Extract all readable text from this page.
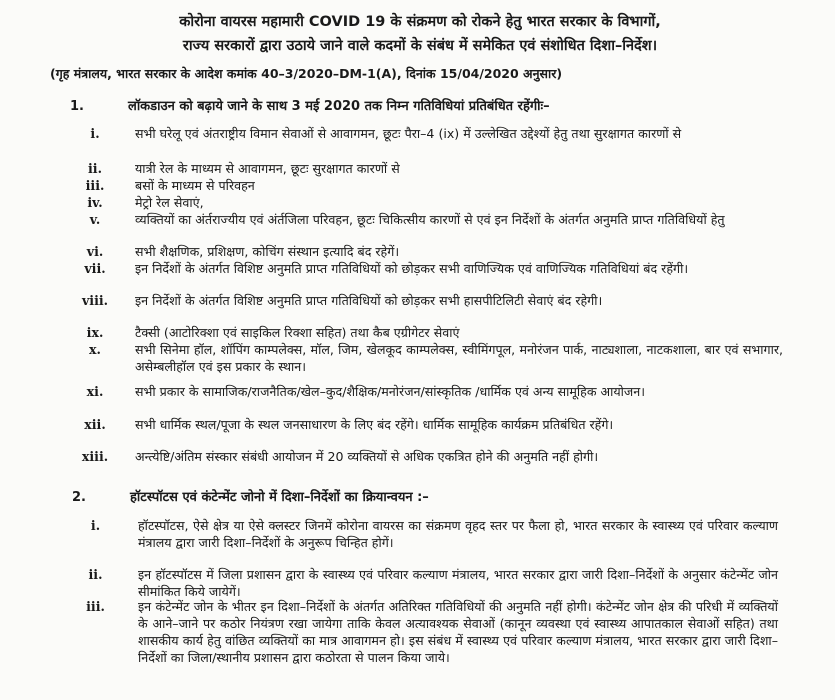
कोरोना वायरस महामारी COVID 19 के संक्रमण को रोकने हेतु भारत सरकार के विभागों,
राज्य सरकारों द्वारा उठाये जाने वाले कदमों के संबंध में समेकित एवं संशोधित दिशा–निर्देश।
(गृह मंत्रालय, भारत सरकार के आदेश कमांक 40–3/2020–DM-1(A), दिनांक 15/04/2020 अनुसार)
1.	लॉकडाउन को बढ़ाये जाने के साथ 3 मई 2020 तक निम्न गतिविधियां प्रतिबंधित रहेंगीः–
i.	सभी घरेलू एवं अंतराष्ट्रीय विमान सेवाओं से आवागमन, छूटः पैरा–4 (ix) में उल्लेखित उद्देश्यों हेतु तथा सुरक्षागत कारणों से
ii.	यात्री रेल के माध्यम से आवागमन, छूटः सुरक्षागत कारणों से
iii.	बसों के माध्यम से परिवहन
iv.	मेट्रो रेल सेवाएं,
v.	व्यक्तियों का अंर्तराज्यीय एवं अंर्तजिला परिवहन, छूटः चिकित्सीय कारणों से एवं इन निर्देशों के अंतर्गत अनुमति प्राप्त गतिविधियों हेतु
vi.	सभी शैक्षणिक, प्रशिक्षण, कोचिंग संस्थान इत्यादि बंद रहेगें।
vii.	इन निर्देशों के अंतर्गत विशिष्ट अनुमति प्राप्त गतिविधियों को छोड़कर सभी वाणिज्यिक एवं वाणिज्यिक गतिविधियां बंद रहेंगी।
viii.	इन निर्देशों के अंतर्गत विशिष्ट अनुमति प्राप्त गतिविधियों को छोड़कर सभी हासपीटिलिटी सेवाएं बंद रहेगी।
ix.	टैक्सी (आटोरिक्शा एवं साइकिल रिक्शा सहित) तथा कैब एग्रीगेटर सेवाएं
x.	सभी सिनेमा हॉल, शॉपिंग काम्पलेक्स, मॉल, जिम, खेलकूद काम्पलेक्स, स्वीमिंगपूल, मनोरंजन पार्क, नाट्यशाला, नाटकशाला, बार एवं सभागार, असेम्बलीहॉल एवं इस प्रकार के स्थान।
xi.	सभी प्रकार के सामाजिक/राजनैतिक/खेल–कुद/शैक्षिक/मनोरंजन/सांस्कृतिक /धार्मिक एवं अन्य सामूहिक आयोजन।
xii.	सभी धार्मिक स्थल/पूजा के स्थल जनसाधारण के लिए बंद रहेंगे। धार्मिक सामूहिक कार्यक्रम प्रतिबंधित रहेंगे।
xiii.	अन्त्येष्टि/अंतिम संस्कार संबंधी आयोजन में 20 व्यक्तियों से अधिक एकत्रित होने की अनुमति नहीं होगी।
2.	हॉटस्पॉटस एवं कंटेन्मेंट जोनो में दिशा–निर्देशों का क्रियान्वयन :–
i.	हॉटस्पॉटस, ऐसे क्षेत्र या ऐसे क्लस्टर जिनमें कोरोना वायरस का संक्रमण वृहद स्तर पर फैला हो, भारत सरकार के स्वास्थ्य एवं परिवार कल्याण मंत्रालय द्वारा जारी दिशा–निर्देशों के अनुरूप चिन्हित होगें।
ii.	इन हॉटस्पॉटस में जिला प्रशासन द्वारा के स्वास्थ्य एवं परिवार कल्याण मंत्रालय, भारत सरकार द्वारा जारी दिशा–निर्देशों के अनुसार कंटेन्मेंट जोन सीमांकित किये जायेगें।
iii.	इन कंटेन्मेंट जोन के भीतर इन दिशा–निर्देशों के अंतर्गत अतिरिक्त गतिविधियों की अनुमति नहीं होगी। कंटेन्मेंट जोन क्षेत्र की परिधी में व्यक्तियों के आने–जाने पर कठोर नियंत्रण रखा जायेगा ताकि केवल अत्यावश्यक सेवाओं (कानून व्यवस्था एवं स्वास्थ्य आपातकाल सेवाओं सहित) तथा शासकीय कार्य हेतु वांछित व्यक्तियों का मात्र आवागमन हो। इस संबंध में स्वास्थ्य एवं परिवार कल्याण मंत्रालय, भारत सरकार द्वारा जारी दिशा–निर्देशों का जिला/स्थानीय प्रशासन द्वारा कठोरता से पालन किया जाये।
